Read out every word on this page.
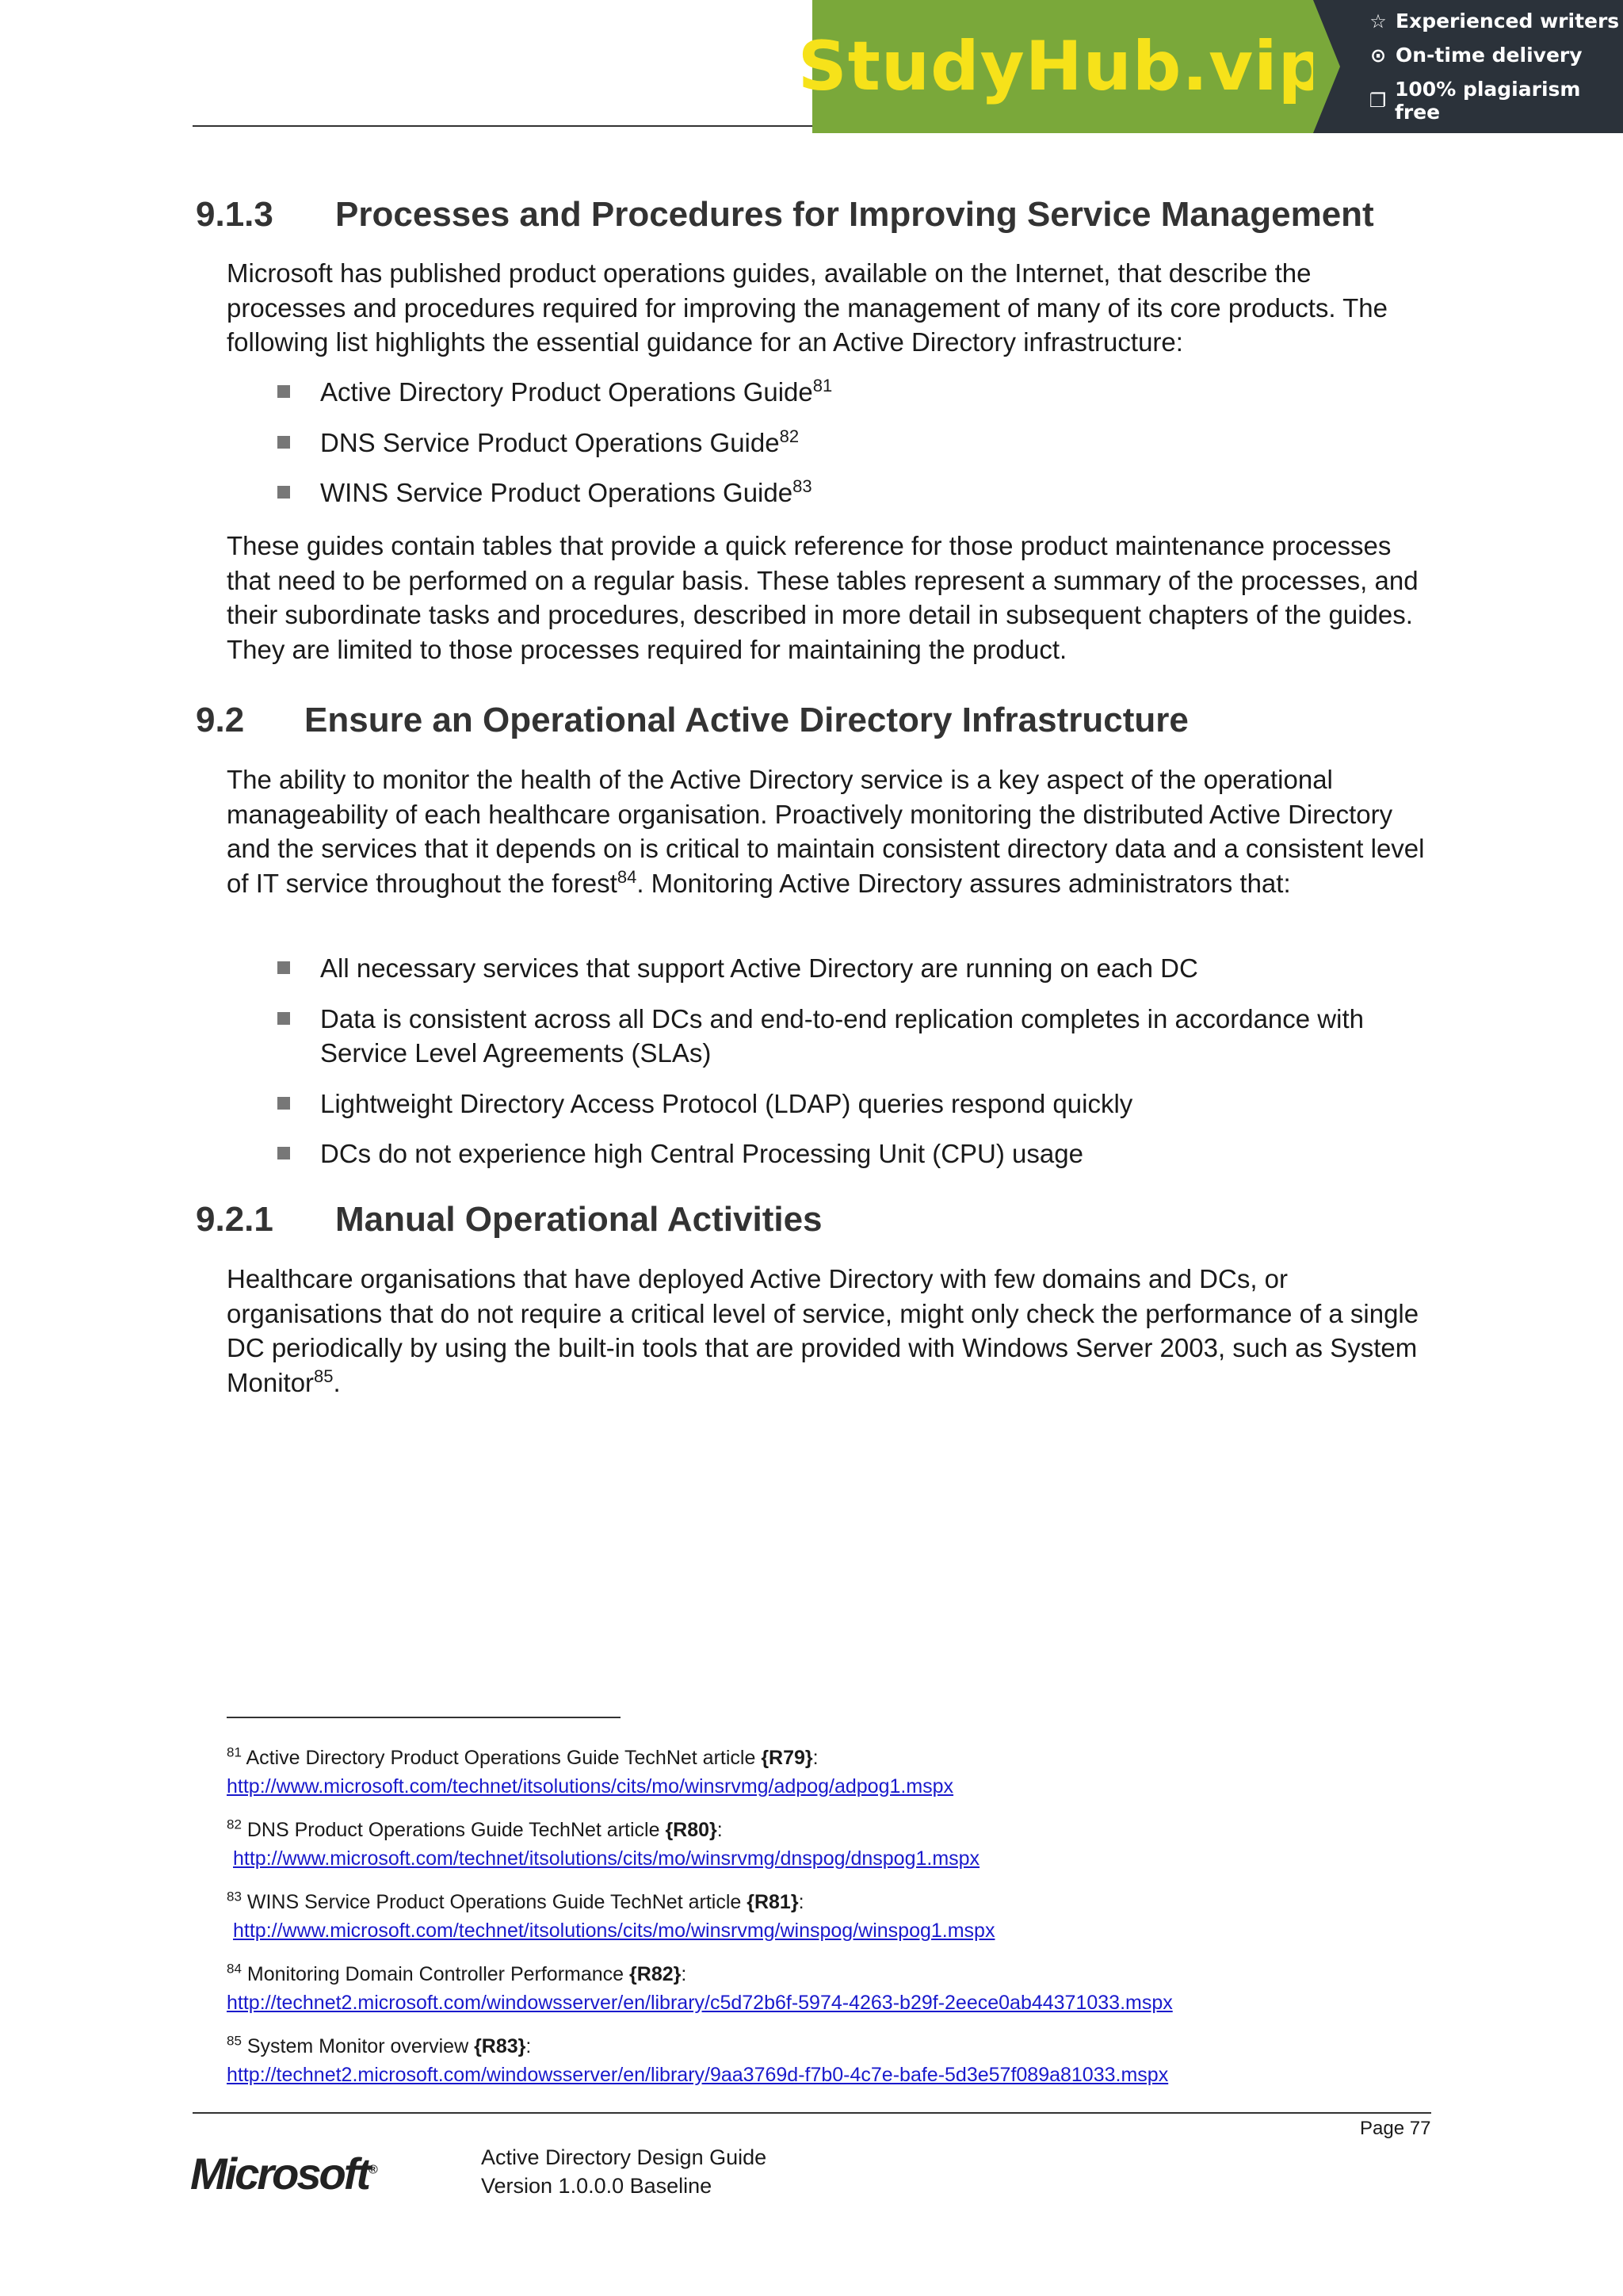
StudyHub.vip
☆ Experienced writers
⊙ On-time delivery
❐ 100% plagiarism free
9.1.3 Processes and Procedures for Improving Service Management

Microsoft has published product operations guides, available on the Internet, that describe the processes and procedures required for improving the management of many of its core products. The following list highlights the essential guidance for an Active Directory infrastructure:

Active Directory Product Operations Guide$^{81}$
DNS Service Product Operations Guide$^{82}$
WINS Service Product Operations Guide$^{83}$

These guides contain tables that provide a quick reference for those product maintenance processes that need to be performed on a regular basis. These tables represent a summary of the processes, and their subordinate tasks and procedures, described in more detail in subsequent chapters of the guides. They are limited to those processes required for maintaining the product.

9.2 Ensure an Operational Active Directory Infrastructure

The ability to monitor the health of the Active Directory service is a key aspect of the operational manageability of each healthcare organisation. Proactively monitoring the distributed Active Directory and the services that it depends on is critical to maintain consistent directory data and a consistent level of IT service throughout the forest$^{84}$. Monitoring Active Directory assures administrators that:

All necessary services that support Active Directory are running on each DC
Data is consistent across all DCs and end-to-end replication completes in accordance with Service Level Agreements (SLAs)
Lightweight Directory Access Protocol (LDAP) queries respond quickly
DCs do not experience high Central Processing Unit (CPU) usage
9.2.1 Manual Operational Activities

Healthcare organisations that have deployed Active Directory with few domains and DCs, or organisations that do not require a critical level of service, might only check the performance of a single DC periodically by using the built-in tools that are provided with Windows Server 2003, such as System Monitor$^{85}$.

$^{81}$ Active Directory Product Operations Guide TechNet article {R79}:
http://www.microsoft.com/technet/itsolutions/cits/mo/winsrvmg/adpog/adpog1.mspx
$^{82}$ DNS Product Operations Guide TechNet article {R80}:
http://www.microsoft.com/technet/itsolutions/cits/mo/winsrvmg/dnspog/dnspog1.mspx
$^{83}$ WINS Service Product Operations Guide TechNet article {R81}:
http://www.microsoft.com/technet/itsolutions/cits/mo/winsrvmg/winspog/winspog1.mspx
$^{84}$ Monitoring Domain Controller Performance {R82}:
http://technet2.microsoft.com/windowsserver/en/library/c5d72b6f-5974-4263-b29f-2eece0ab44371033.mspx
$^{85}$ System Monitor overview {R83}:
http://technet2.microsoft.com/windowsserver/en/library/9aa3769d-f7b0-4c7e-bafe-5d3e57f089a81033.mspx
Page 77
Microsoft®
Active Directory Design Guide
Version 1.0.0.0 Baseline
